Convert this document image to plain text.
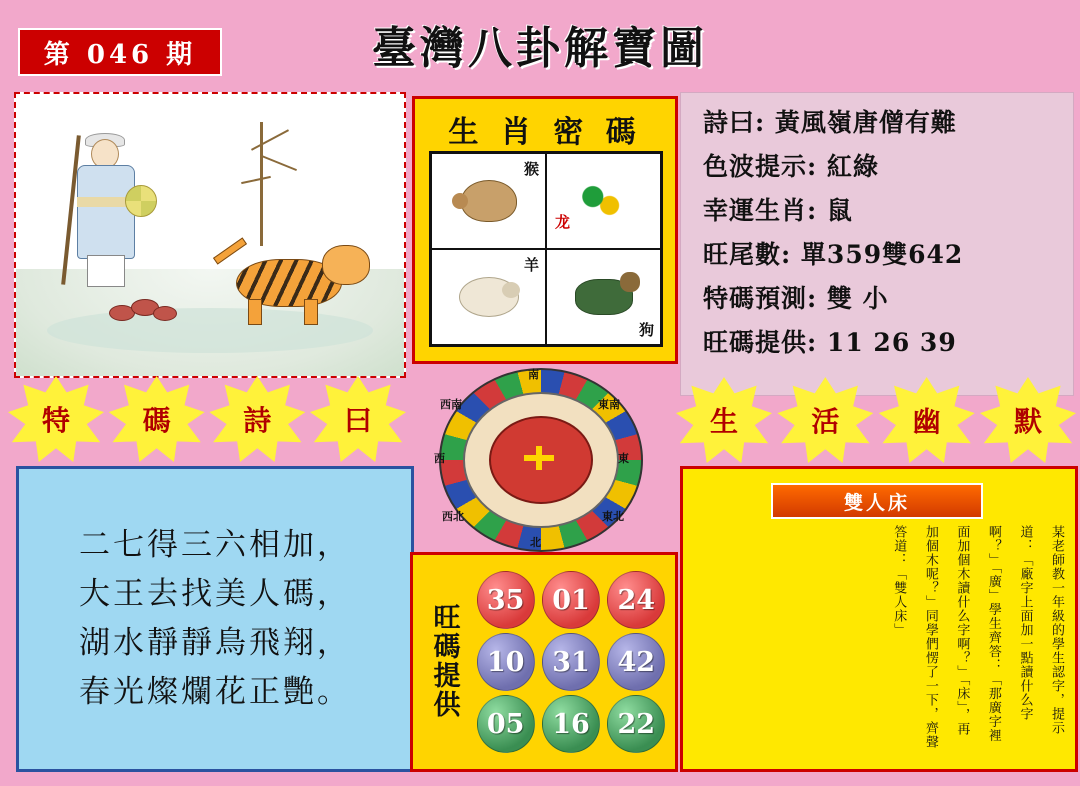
第 046 期	臺灣八卦解寶圖
特	碼	詩	曰
二七得三六相加，
大王去找美人碼，
湖水靜靜鳥飛翔，
春光燦爛花正艷。
生 肖 密 碼
猴
龙
羊
狗
南
西南
西
西北
北
東北
東
東南
旺
碼
提
供
35	01	24
10	31	42
05	16	22
詩曰: 黃風嶺唐僧有難
色波提示: 紅綠
幸運生肖: 鼠
旺尾數: 單359雙642
特碼預測: 雙 小
旺碼提供: 11 26 39
生	活	幽	默
雙人床
某老師教一年級的學生認字，提示
道：「廠字上面加一點讀什么字
啊？」「廣」學生齊答：「那廣字裡
面加個木讀什么字啊？」「床」，再
加個木呢？」同學們愣了一下，齊聲
答道：「雙人床」
